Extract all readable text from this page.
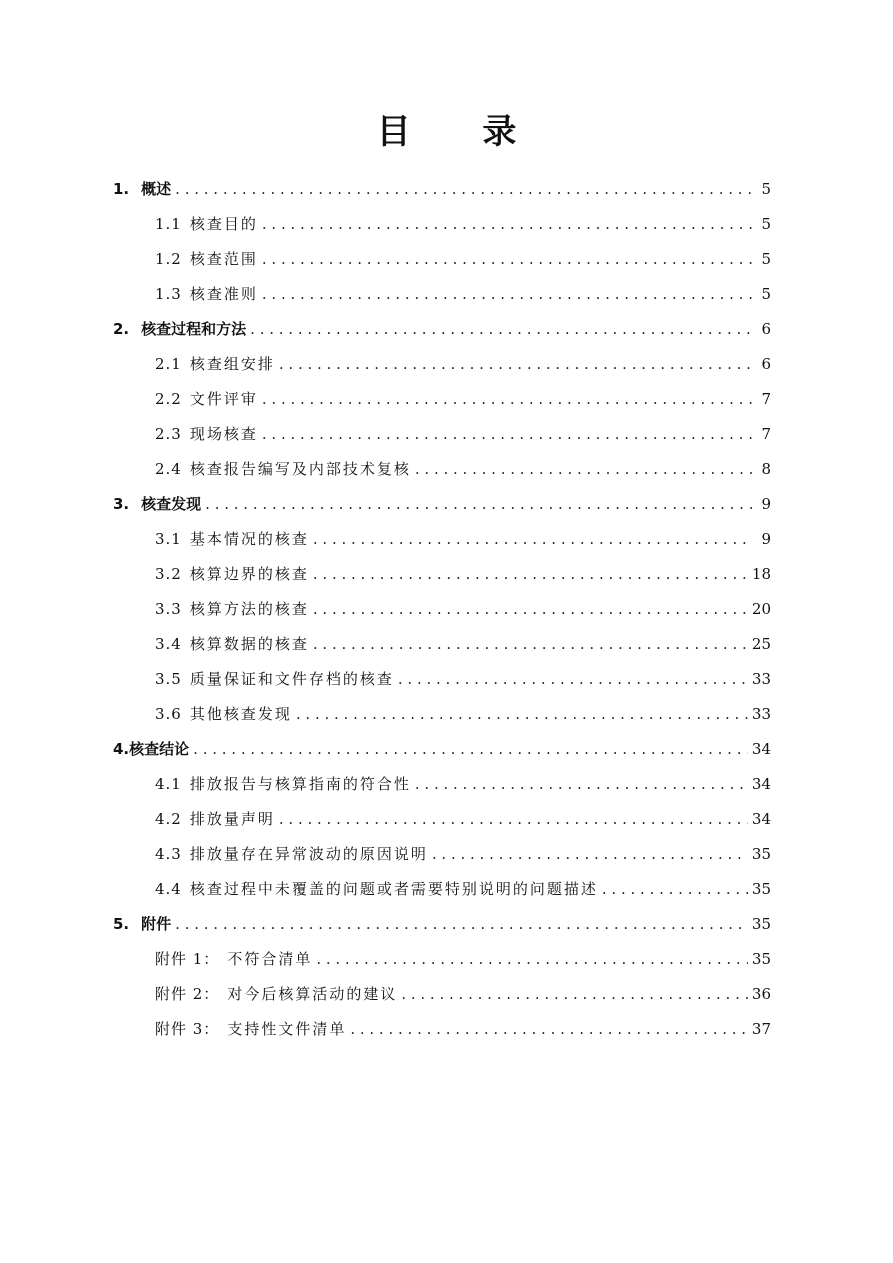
目 录
1. 概述 . . .	5
1.1 核查目的 . . .	5
1.2 核查范围 . . .	5
1.3 核查准则 . . .	5
2. 核查过程和方法 . . .	6
2.1 核查组安排 . . .	6
2.2 文件评审 . . .	7
2.3 现场核查 . . .	7
2.4 核查报告编写及内部技术复核 . . .	8
3. 核查发现 . . .	9
3.1 基本情况的核查 . . .	9
3.2 核算边界的核查 . . .	18
3.3 核算方法的核查 . . .	20
3.4 核算数据的核查 . . .	25
3.5 质量保证和文件存档的核查 . . .	33
3.6 其他核查发现 . . .	33
4.核查结论 . . .	34
4.1 排放报告与核算指南的符合性 . . .	34
4.2 排放量声明 . . .	34
4.3 排放量存在异常波动的原因说明 . . .	35
4.4 核查过程中未覆盖的问题或者需要特别说明的问题描述 . . .	35
5. 附件 . . .	35
附件 1： 不符合清单 . . .	35
附件 2： 对今后核算活动的建议 . . .	36
附件 3： 支持性文件清单 . . .	37
